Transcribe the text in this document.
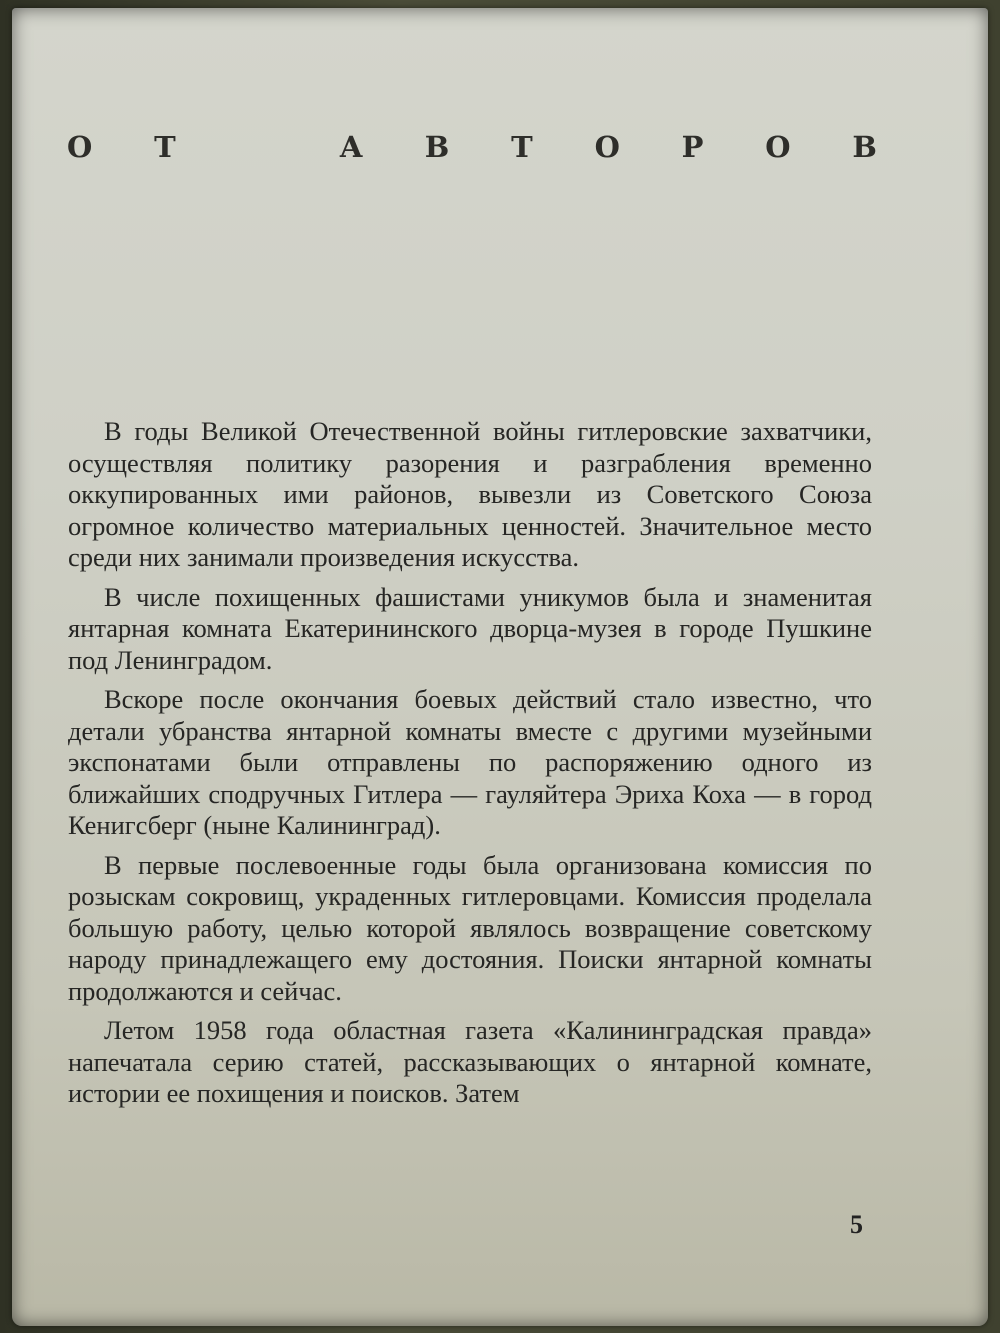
О Т	А В Т О Р О В

В годы Великой Отечественной войны гитлеровские захватчики, осуществляя политику разорения и разграбления временно оккупированных ими районов, вывезли из Советского Союза огромное количество материальных ценностей. Значительное место среди них занимали произведения искусства.

В числе похищенных фашистами уникумов была и знаменитая янтарная комната Екатерининского дворца-музея в городе Пушкине под Ленинградом.

Вскоре после окончания боевых действий стало известно, что детали убранства янтарной комнаты вместе с другими музейными экспонатами были отправлены по распоряжению одного из ближайших сподручных Гитлера — гауляйтера Эриха Коха — в город Кенигсберг (ныне Калининград).

В первые послевоенные годы была организована комиссия по розыскам сокровищ, украденных гитлеровцами. Комиссия проделала большую работу, целью которой являлось возвращение советскому народу принадлежащего ему достояния. Поиски янтарной комнаты продолжаются и сейчас.

Летом 1958 года областная газета «Калининградская правда» напечатала серию статей, рассказывающих о янтарной комнате, истории ее похищения и поисков. Затем

5
